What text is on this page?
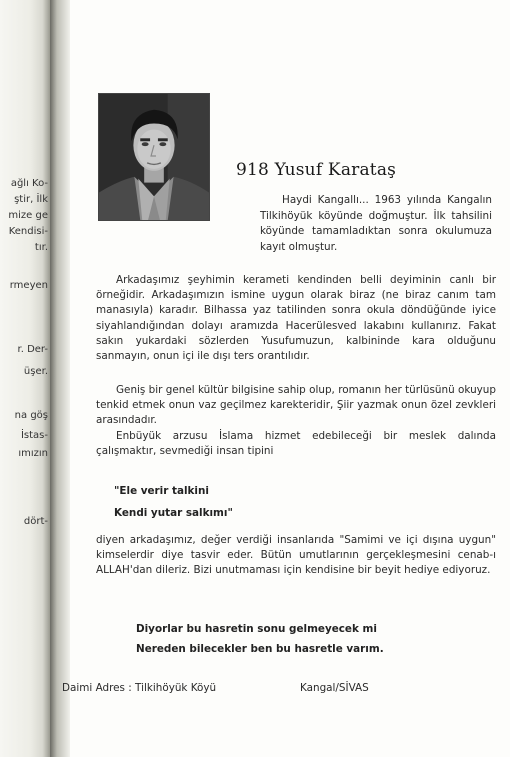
ağlı Ko-
ştir, İlk
mize ge
Kendisi-
tır.
rmeyen
r. Der-
üşer.
na göş
İstas-
ımızın
dört-
918 Yusuf Karataş

Haydi Kangallı... 1963 yılında Kangalın Tilkihöyük köyünde doğmuştur. İlk tahsilini köyünde tamamladıktan sonra okulumuza kayıt olmuştur.

Arkadaşımız şeyhimin kerameti kendinden belli deyiminin canlı bir örneğidir. Arkadaşımızın ismine uygun olarak biraz (ne biraz canım tam manasıyla) karadır. Bilhassa yaz tatilinden sonra okula döndüğünde iyice siyahlandığından dolayı aramızda Hacerülesved lakabını kullanırız. Fakat sakın yukardaki sözlerden Yusufumuzun, kalbininde kara olduğunu sanmayın, onun içi ile dışı ters orantılıdır.

Geniş bir genel kültür bilgisine sahip olup, romanın her türlüsünü okuyup tenkid etmek onun vaz geçilmez karekteridir, Şiir yazmak onun özel zevkleri arasındadır.

Enbüyük arzusu İslama hizmet edebileceği bir meslek dalında çalışmaktır, sevmediği insan tipini

"Ele verir talkini
Kendi yutar salkımı"

diyen arkadaşımız, değer verdiği insanlarıda "Samimi ve içi dışına uygun" kimselerdir diye tasvir eder. Bütün umutlarının gerçekleşmesini cenab-ı ALLAH'dan dileriz. Bizi unutmaması için kendisine bir beyit hediye ediyoruz.

Diyorlar bu hasretin sonu gelmeyecek mi
Nereden bilecekler ben bu hasretle varım.
Daimi Adres : Tilkihöyük Köyü	Kangal/SİVAS
